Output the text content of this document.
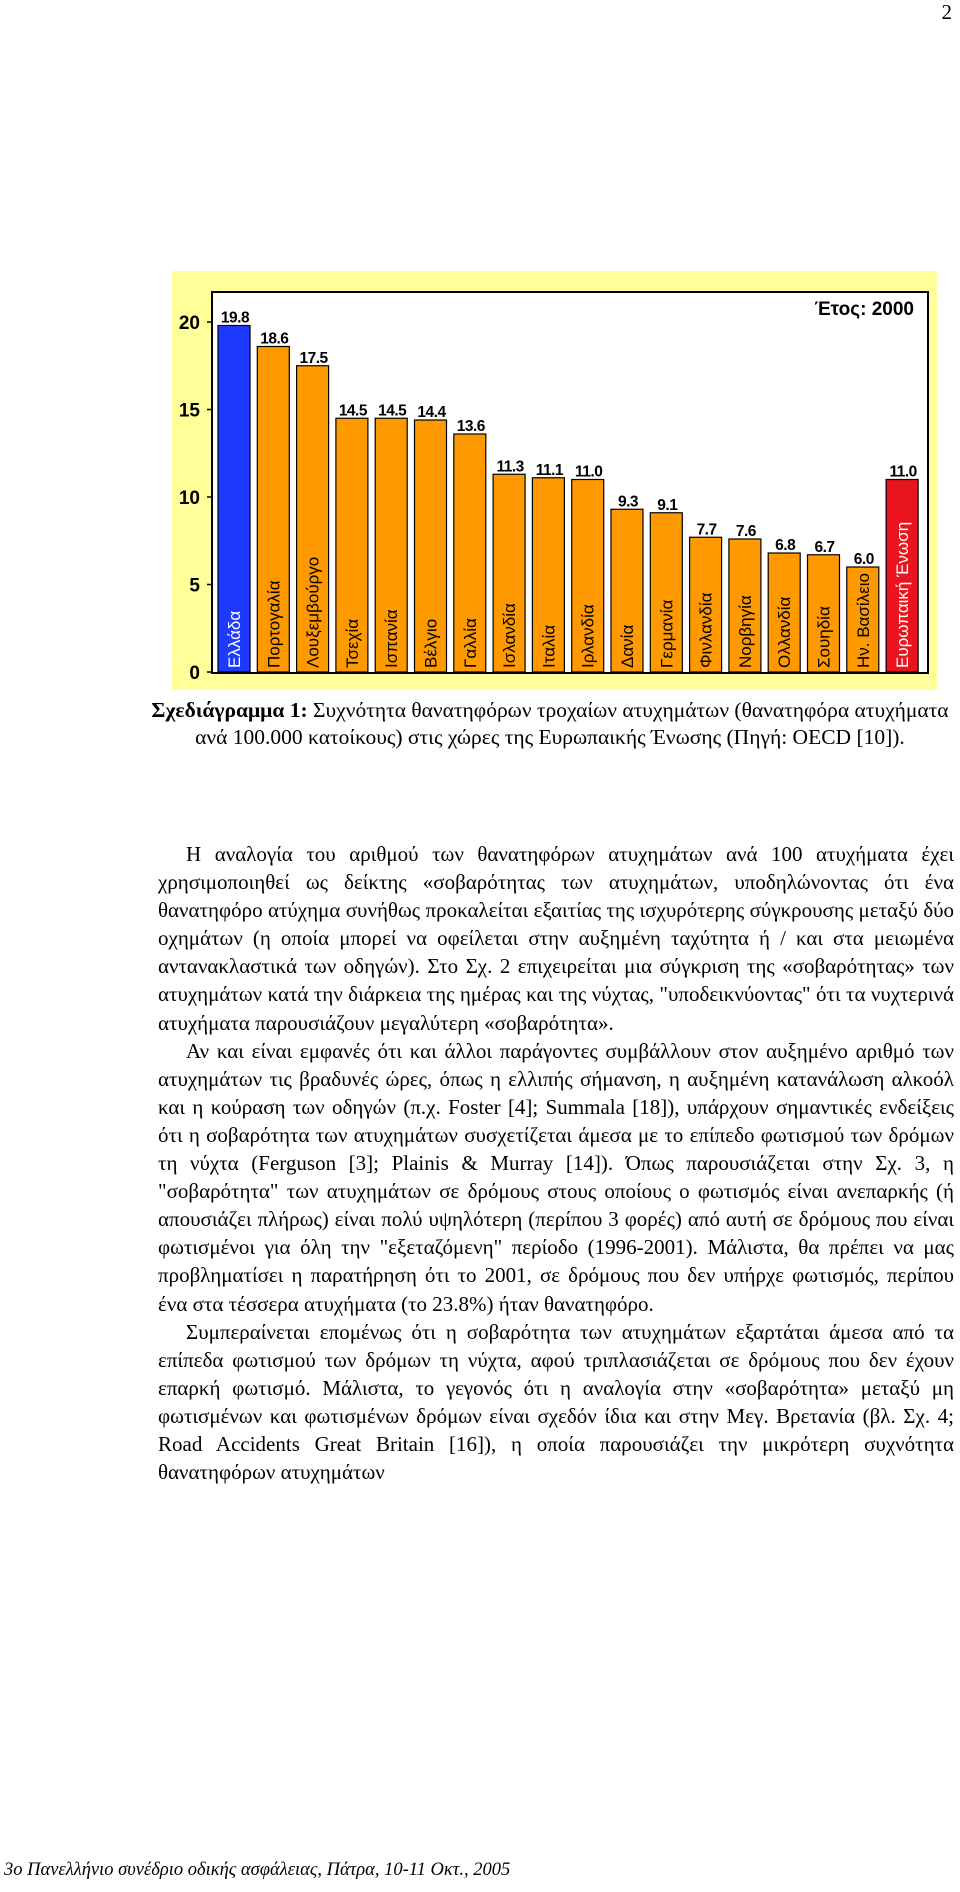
2
0
5
10
15
20 19.8
Ελλάδα
18.6
Πορτογαλία
17.5
Λουξεμβούργο
14.5
Τσεχία
14.5
Ισπανία
14.4
Βέλγιο
13.6
Γαλλία
11.3
Ισλανδία
11.1
Ιταλία
11.0
Ιρλανδία
9.3
Δανία
9.1
Γερμανία
7.7
Φινλανδία
7.6
Νορβηγία
6.8
Ολλανδία
6.7
Σουηδία
6.0
Ην. Βασίλειο
11.0
Ευρωπαική Ένωση
Έτος: 2000
Σχεδιάγραμμα 1: Συχνότητα θανατηφόρων τροχαίων ατυχημάτων (θανατηφόρα ατυχήματα ανά 100.000 κατοίκους) στις χώρες της Ευρωπαικής Ένωσης (Πηγή: OECD [10]).

Η αναλογία του αριθμού των θανατηφόρων ατυχημάτων ανά 100 ατυχήματα έχει χρησιμοποιηθεί ως δείκτης «σοβαρότητας των ατυχημάτων, υποδηλώνοντας ότι ένα θανατηφόρο ατύχημα συνήθως προκαλείται εξαιτίας της ισχυρότερης σύγκρουσης μεταξύ δύο οχημάτων (η οποία μπορεί να οφείλεται στην αυξημένη ταχύτητα ή / και στα μειωμένα αντανακλαστικά των οδηγών). Στο Σχ. 2 επιχειρείται μια σύγκριση της «σοβαρότητας» των ατυχημάτων κατά την διάρκεια της ημέρας και της νύχτας, "υποδεικνύοντας" ότι τα νυχτερινά ατυχήματα παρουσιάζουν μεγαλύτερη «σοβαρότητα».

Αν και είναι εμφανές ότι και άλλοι παράγοντες συμβάλλουν στον αυξημένο αριθμό των ατυχημάτων τις βραδυνές ώρες, όπως η ελλιπής σήμανση, η αυξημένη κατανάλωση αλκοόλ και η κούραση των οδηγών (π.χ. Foster [4]; Summala [18]), υπάρχουν σημαντικές ενδείξεις ότι η σοβαρότητα των ατυχημάτων συσχετίζεται άμεσα με το επίπεδο φωτισμού των δρόμων τη νύχτα (Ferguson [3]; Plainis & Murray [14]). Όπως παρουσιάζεται στην Σχ. 3, η "σοβαρότητα" των ατυχημάτων σε δρόμους στους οποίους ο φωτισμός είναι ανεπαρκής (ή απουσιάζει πλήρως) είναι πολύ υψηλότερη (περίπου 3 φορές) από αυτή σε δρόμους που είναι φωτισμένοι για όλη την "εξεταζόμενη" περίοδο (1996-2001). Μάλιστα, θα πρέπει να μας προβληματίσει η παρατήρηση ότι το 2001, σε δρόμους που δεν υπήρχε φωτισμός, περίπου ένα στα τέσσερα ατυχήματα (το 23.8%) ήταν θανατηφόρο.

Συμπεραίνεται επομένως ότι η σοβαρότητα των ατυχημάτων εξαρτάται άμεσα από τα επίπεδα φωτισμού των δρόμων τη νύχτα, αφού τριπλασιάζεται σε δρόμους που δεν έχουν επαρκή φωτισμό. Μάλιστα, το γεγονός ότι η αναλογία στην «σοβαρότητα» μεταξύ μη φωτισμένων και φωτισμένων δρόμων είναι σχεδόν ίδια και στην Μεγ. Βρετανία (βλ. Σχ. 4; Road Accidents Great Britain [16]), η οποία παρουσιάζει την μικρότερη συχνότητα θανατηφόρων ατυχημάτων

3ο Πανελλήνιο συνέδριο οδικής ασφάλειας, Πάτρα, 10-11 Οκτ., 2005
